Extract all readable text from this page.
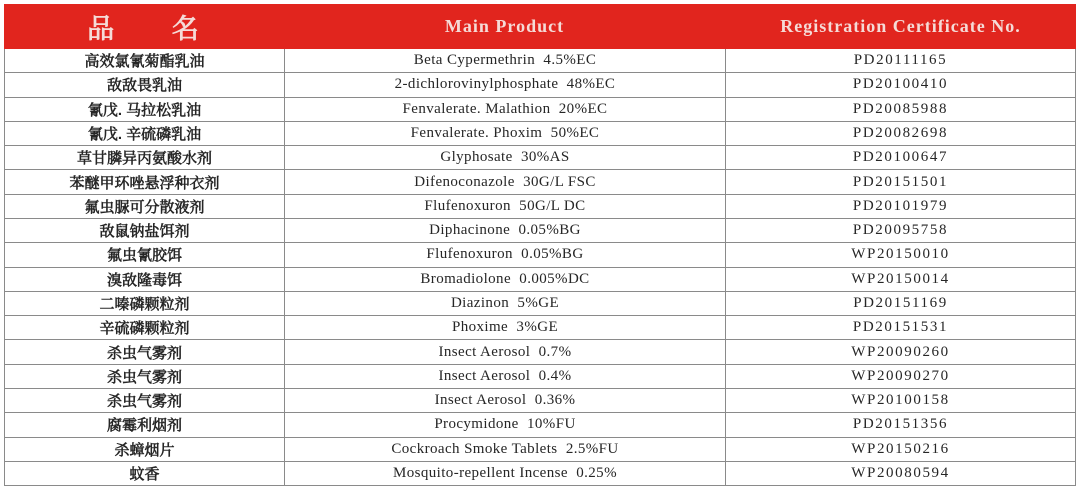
品 名	Main Product	Registration Certificate No.
高效氯氰菊酯乳油	Beta Cypermethrin  4.5%EC	PD20111165
敌敌畏乳油	2-dichlorovinylphosphate  48%EC	PD20100410
氰戊. 马拉松乳油	Fenvalerate. Malathion  20%EC	PD20085988
氰戊. 辛硫磷乳油	Fenvalerate. Phoxim  50%EC	PD20082698
草甘膦异丙氨酸水剂	Glyphosate  30%AS	PD20100647
苯醚甲环唑悬浮种衣剂	Difenoconazole  30G/L FSC	PD20151501
氟虫脲可分散液剂	Flufenoxuron  50G/L DC	PD20101979
敌鼠钠盐饵剂	Diphacinone  0.05%BG	PD20095758
氟虫氰胶饵	Flufenoxuron  0.05%BG	WP20150010
溴敌隆毒饵	Bromadiolone  0.005%DC	WP20150014
二嗪磷颗粒剂	Diazinon  5%GE	PD20151169
辛硫磷颗粒剂	Phoxime  3%GE	PD20151531
杀虫气雾剂	Insect Aerosol  0.7%	WP20090260
杀虫气雾剂	Insect Aerosol  0.4%	WP20090270
杀虫气雾剂	Insect Aerosol  0.36%	WP20100158
腐霉利烟剂	Procymidone  10%FU	PD20151356
杀蟑烟片	Cockroach Smoke Tablets  2.5%FU	WP20150216
蚊香	Mosquito-repellent Incense  0.25%	WP20080594
